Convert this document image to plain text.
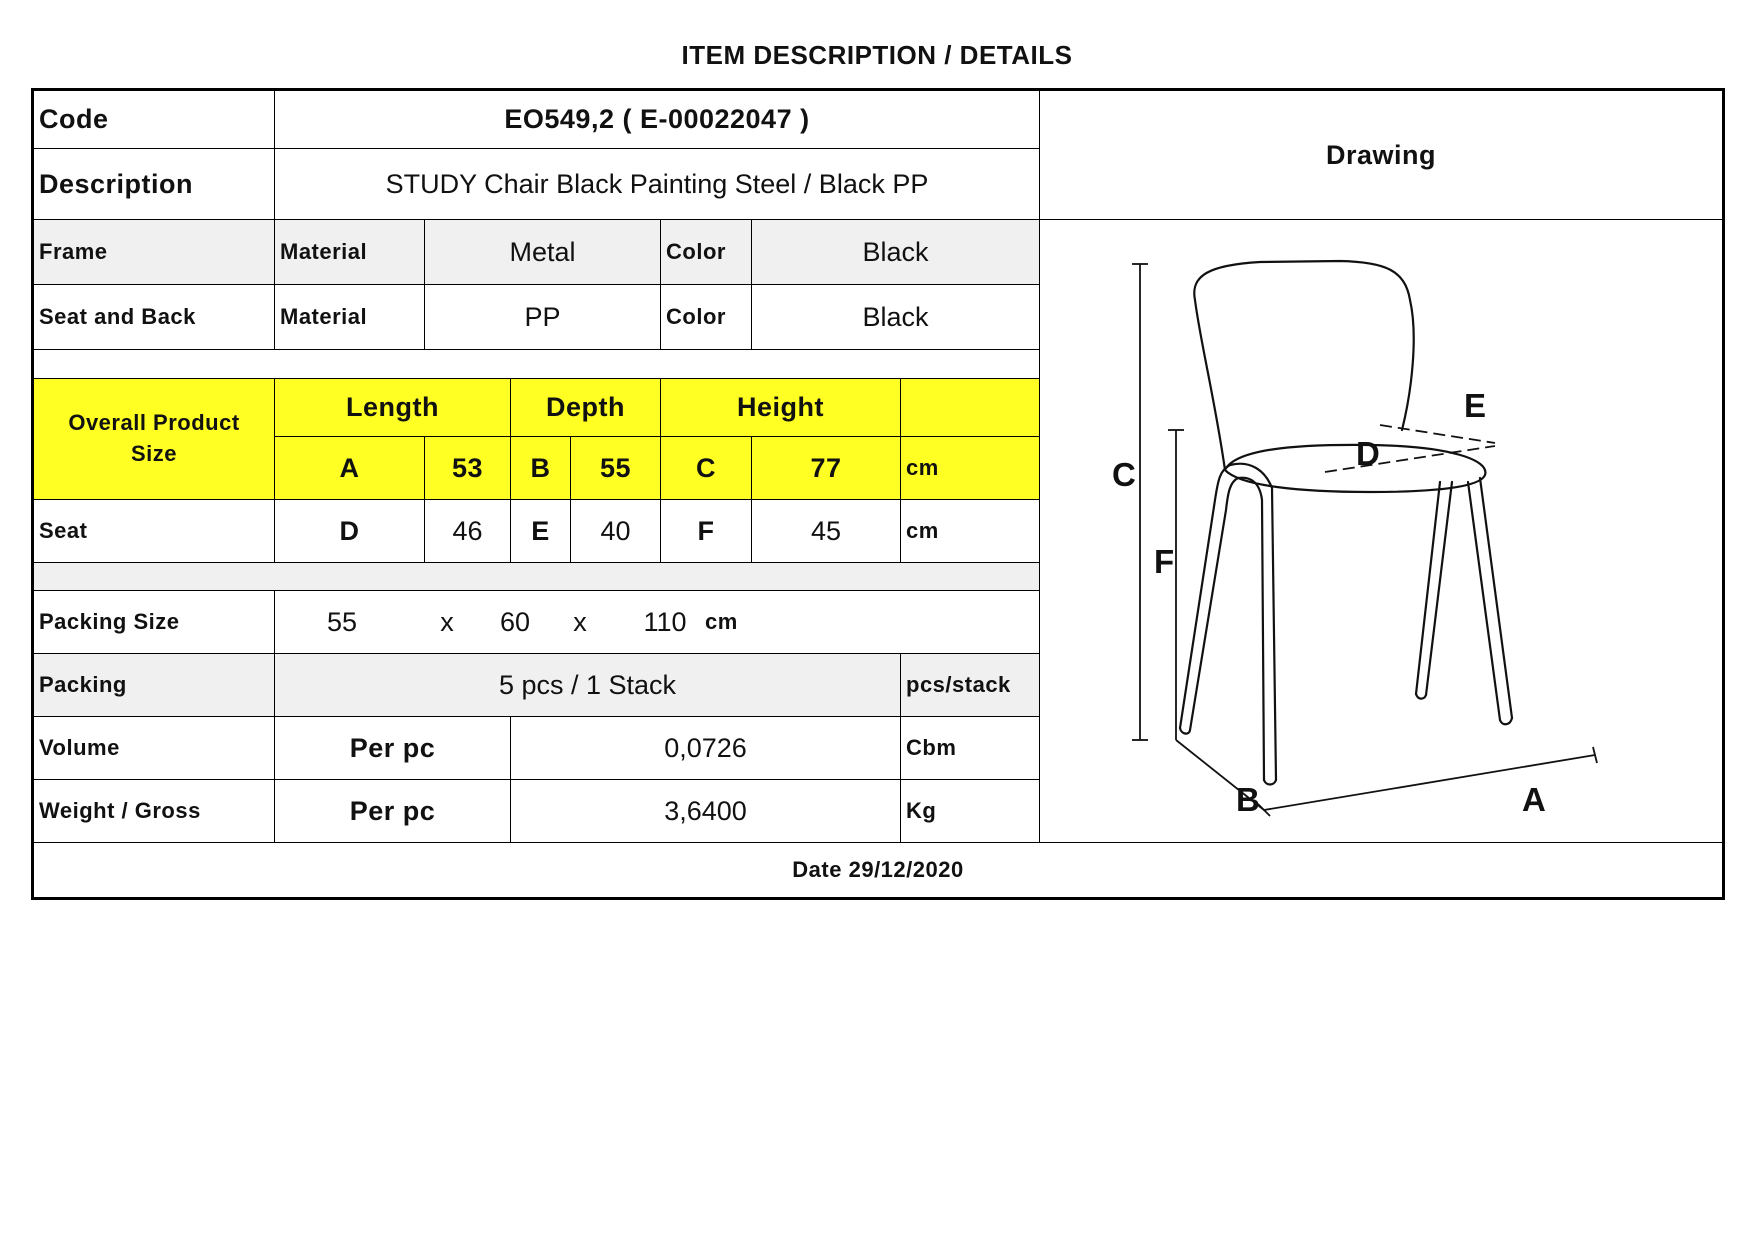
ITEM DESCRIPTION / DETAILS
Code	EO549,2 ( E-00022047 )
Drawing
Description	STUDY Chair Black Painting Steel / Black PP
Frame	Material	Metal	Color	Black
Seat and Back	Material	PP	Color	Black
Overall Product Size
Length	Depth	Height
A	53	B	55	C	77	cm
Seat	D	46	E	40	F	45	cm
Packing Size	55	x	60	x	110 cm
Packing	5 pcs / 1 Stack	pcs/stack
Volume	Per pc	0,0726	Cbm
Weight / Gross	Per pc	3,6400	Kg
C
F
B	A
D
E
Date 29/12/2020
